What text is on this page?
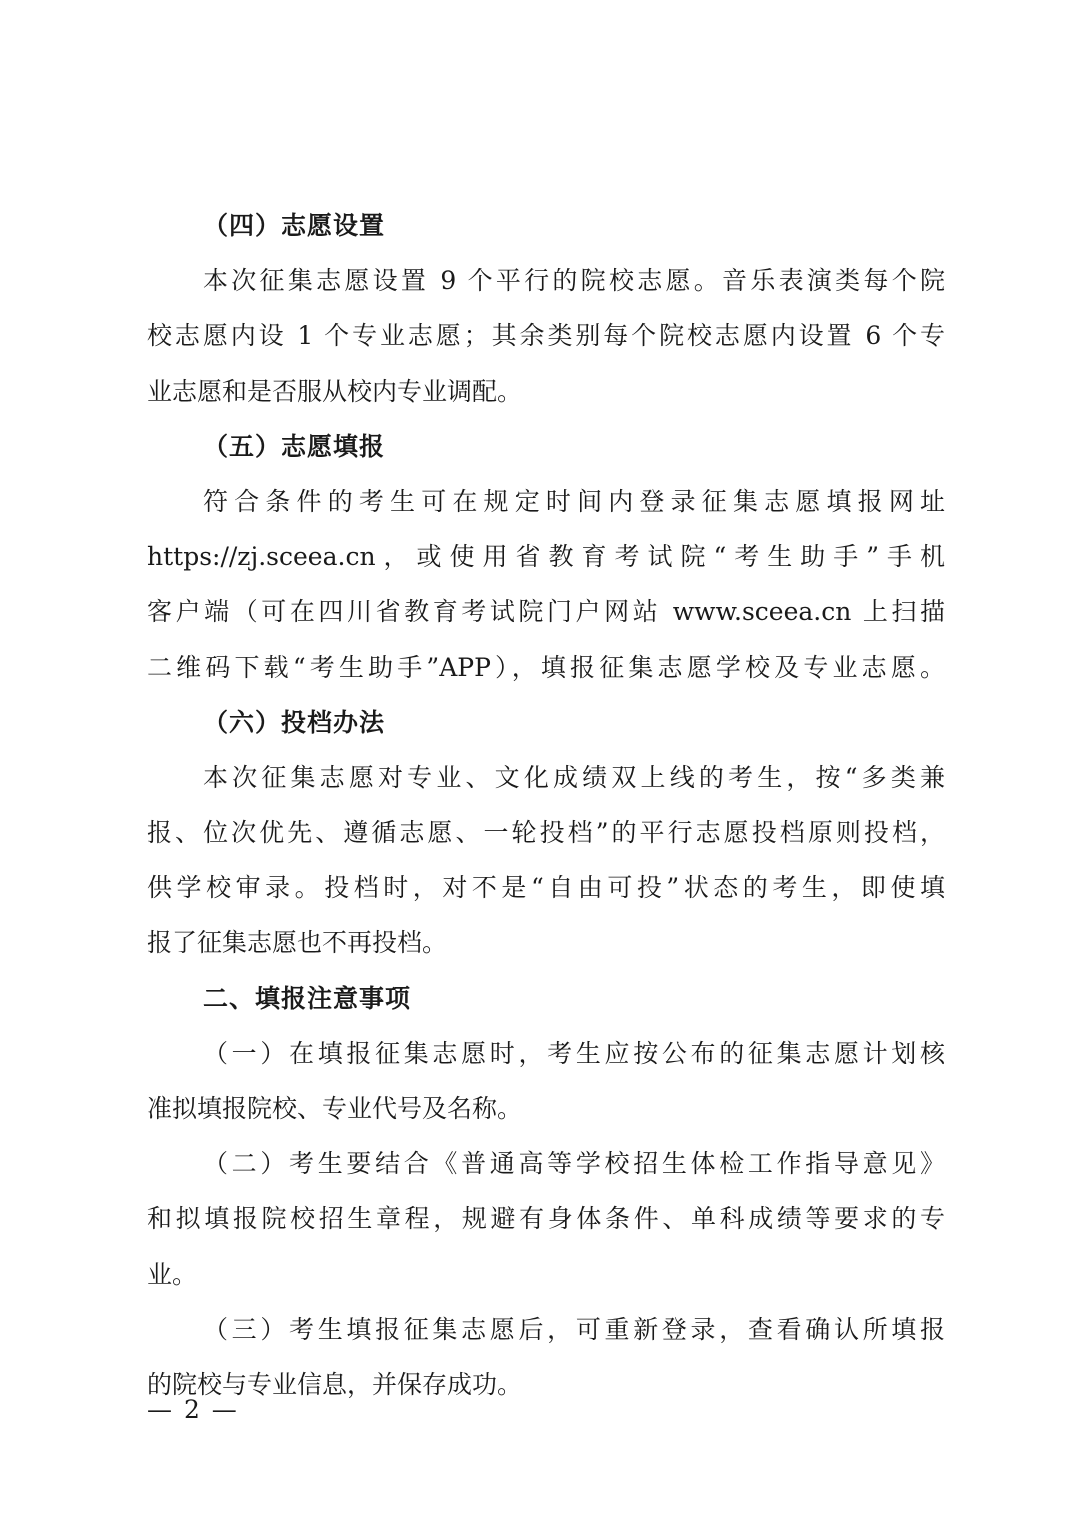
（四）志愿设置
本次征集志愿设置 9 个平行的院校志愿。音乐表演类每个院
校志愿内设 1 个专业志愿；其余类别每个院校志愿内设置 6 个专
业志愿和是否服从校内专业调配。
（五）志愿填报
符合条件的考生可在规定时间内登录征集志愿填报网址
https://zj.sceea.cn，或使用省教育考试院“考生助手”手机
客户端（可在四川省教育考试院门户网站 www.sceea.cn 上扫描
二维码下载“考生助手”APP），填报征集志愿学校及专业志愿。
（六）投档办法
本次征集志愿对专业、文化成绩双上线的考生，按“多类兼
报、位次优先、遵循志愿、一轮投档”的平行志愿投档原则投档，
供学校审录。投档时，对不是“自由可投”状态的考生，即使填
报了征集志愿也不再投档。
二、填报注意事项
（一）在填报征集志愿时，考生应按公布的征集志愿计划核
准拟填报院校、专业代号及名称。
（二）考生要结合《普通高等学校招生体检工作指导意见》
和拟填报院校招生章程，规避有身体条件、单科成绩等要求的专
业。
（三）考生填报征集志愿后，可重新登录，查看确认所填报
的院校与专业信息，并保存成功。
— 2 —
